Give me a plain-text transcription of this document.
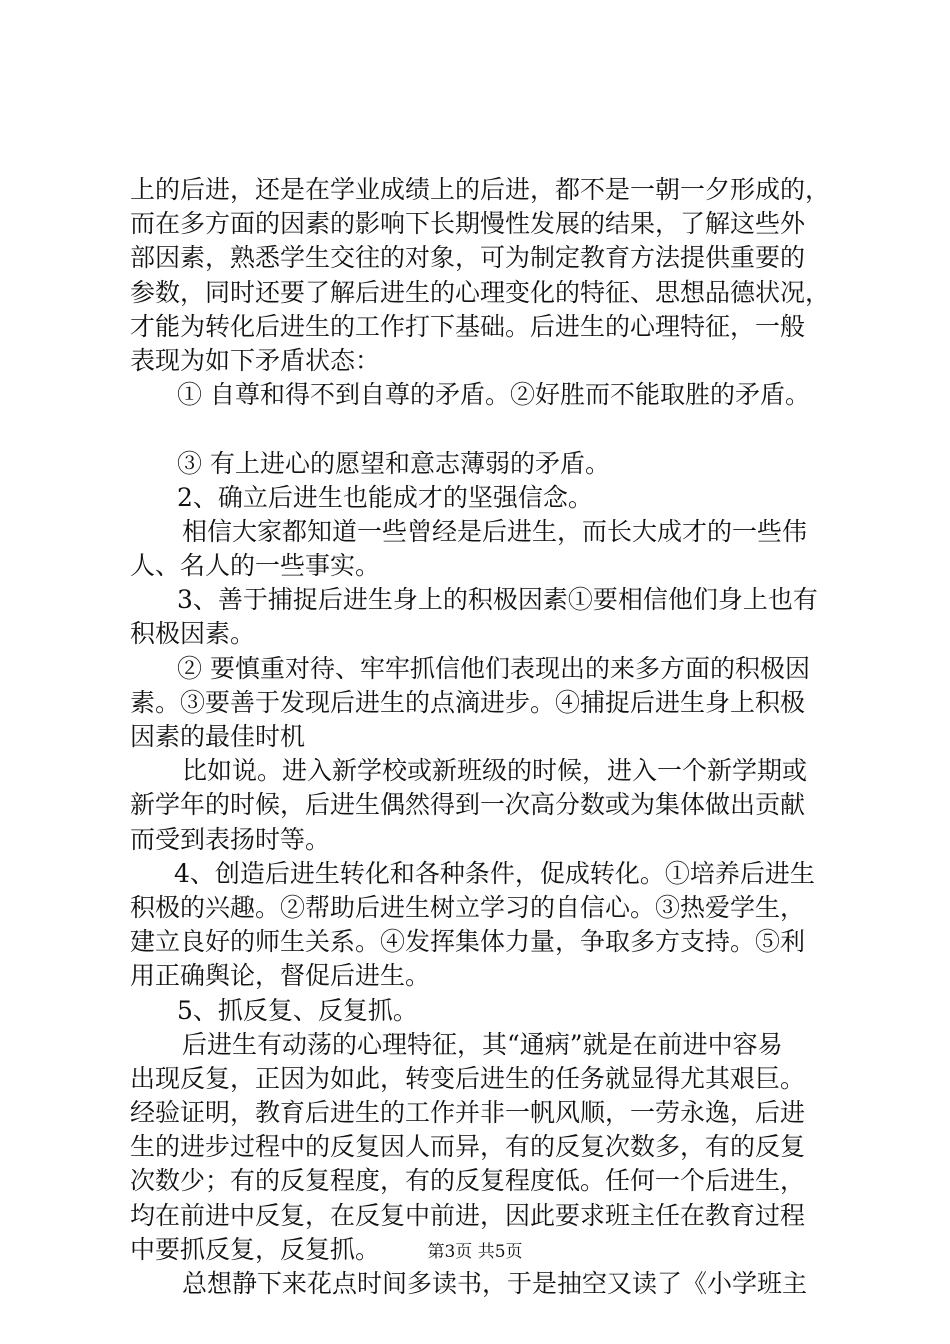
上的后进，还是在学业成绩上的后进，都不是一朝一夕形成的，
而在多方面的因素的影响下长期慢性发展的结果，了解这些外
部因素，熟悉学生交往的对象，可为制定教育方法提供重要的
参数，同时还要了解后进生的心理变化的特征、思想品德状况，
才能为转化后进生的工作打下基础。后进生的心理特征，一般
表现为如下矛盾状态：
① 自尊和得不到自尊的矛盾。②好胜而不能取胜的矛盾。
③ 有上进心的愿望和意志薄弱的矛盾。
2、确立后进生也能成才的坚强信念。
相信大家都知道一些曾经是后进生，而长大成才的一些伟
人、名人的一些事实。
3、善于捕捉后进生身上的积极因素①要相信他们身上也有
积极因素。
② 要慎重对待、牢牢抓信他们表现出的来多方面的积极因
素。③要善于发现后进生的点滴进步。④捕捉后进生身上积极
因素的最佳时机
比如说。进入新学校或新班级的时候，进入一个新学期或
新学年的时候，后进生偶然得到一次高分数或为集体做出贡献
而受到表扬时等。
4、创造后进生转化和各种条件，促成转化。①培养后进生
积极的兴趣。②帮助后进生树立学习的自信心。③热爱学生，
建立良好的师生关系。④发挥集体力量，争取多方支持。⑤利
用正确舆论，督促后进生。
5、抓反复、反复抓。
后进生有动荡的心理特征，其“通病”就是在前进中容易
出现反复，正因为如此，转变后进生的任务就显得尤其艰巨。
经验证明，教育后进生的工作并非一帆风顺，一劳永逸，后进
生的进步过程中的反复因人而异，有的反复次数多，有的反复
次数少；有的反复程度，有的反复程度低。任何一个后进生，
均在前进中反复，在反复中前进，因此要求班主任在教育过程
中要抓反复，反复抓。
总想静下来花点时间多读书，于是抽空又读了《小学班主
第3页 共5页
